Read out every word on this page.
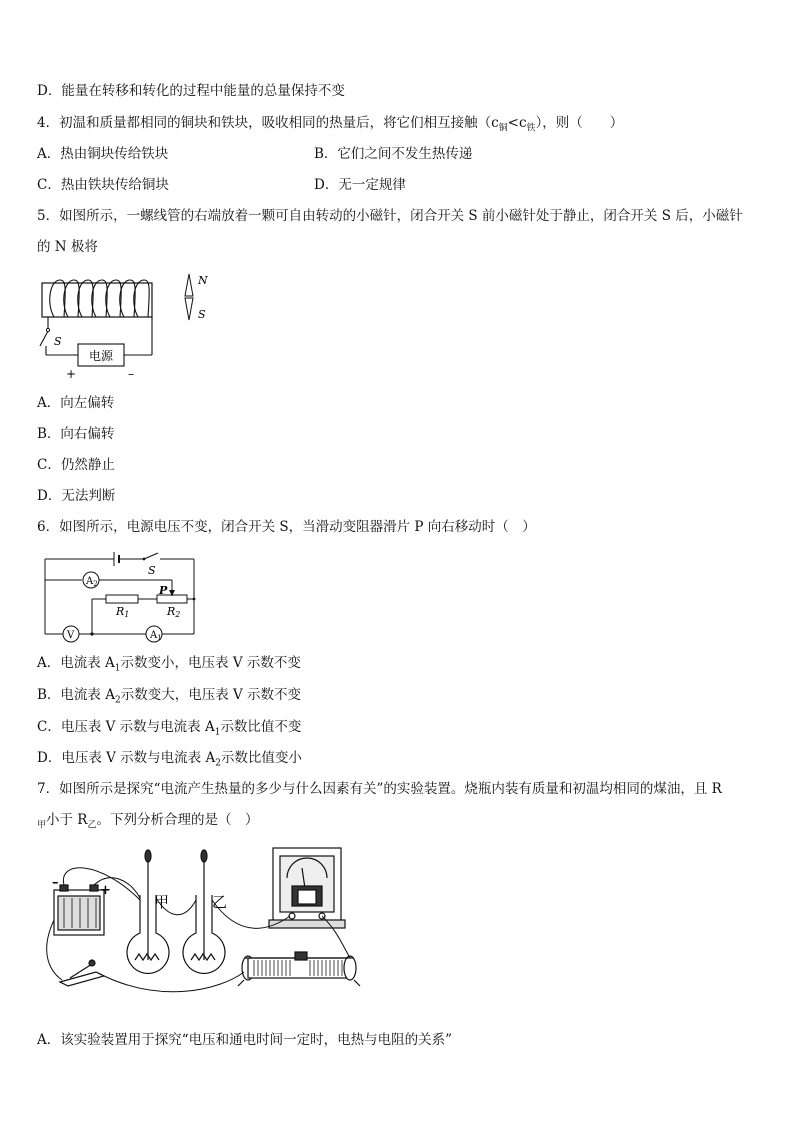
D．能量在转移和转化的过程中能量的总量保持不变
4．初温和质量都相同的铜块和铁块，吸收相同的热量后，将它们相互接触$(c_铜<c_铁)$，则（　　）
A．热由铜块传给铁块	B．它们之间不发生热传递
C．热由铁块传给铜块	D．无一定规律
5．如图所示，一螺线管的右端放着一颗可自由转动的小磁针，闭合开关 S 前小磁针处于静止，闭合开关 S 后，小磁针
的 N 极将
电源
S
+	–
N
S
A．向左偏转
B．向右偏转
C．仍然静止
D．无法判断
6．如图所示，电源电压不变，闭合开关 S，当滑动变阻器滑片 P 向右移动时（　）
S
P
R1	R2
$A_2$
$A_1$
V
A．电流表 $A_1$示数变小，电压表 V 示数不变
B．电流表 $A_2$示数变大，电压表 V 示数不变
C．电压表 V 示数与电流表 $A_1$示数比值不变
D．电压表 V 示数与电流表 $A_2$示数比值变小
7．如图所示是探究“电流产生热量的多少与什么因素有关”的实验装置。烧瓶内装有质量和初温均相同的煤油，且 R
$_甲$小于 $R_乙$。下列分析合理的是（　）
–
+
甲	乙
A．该实验装置用于探究“电压和通电时间一定时，电热与电阻的关系”
